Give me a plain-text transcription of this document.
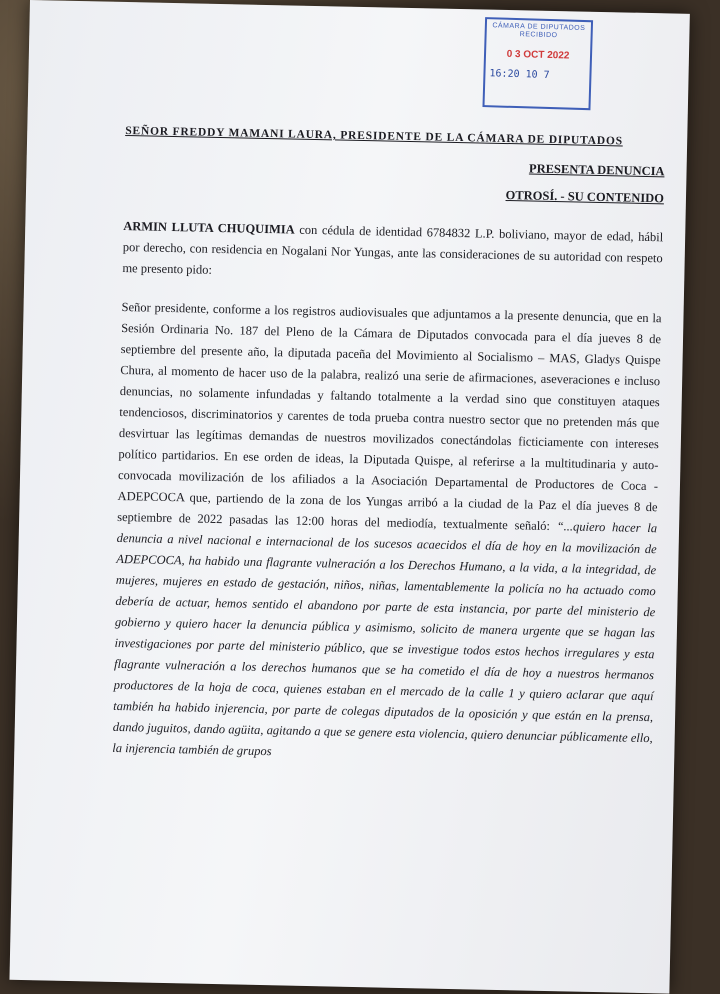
CÁMARA DE DIPUTADOS
RECIBIDO
0 3 OCT 2022
16:20 10 7
SEÑOR FREDDY MAMANI LAURA, PRESIDENTE DE LA CÁMARA DE DIPUTADOS
PRESENTA DENUNCIA
OTROSÍ. - SU CONTENIDO
ARMIN LLUTA CHUQUIMIA con cédula de identidad 6784832 L.P. boliviano, mayor de edad, hábil por derecho, con residencia en Nogalani Nor Yungas, ante las consideraciones de su autoridad con respeto me presento pido:
Señor presidente, conforme a los registros audiovisuales que adjuntamos a la presente denuncia, que en la Sesión Ordinaria No. 187 del Pleno de la Cámara de Diputados convocada para el día jueves 8 de septiembre del presente año, la diputada paceña del Movimiento al Socialismo – MAS, Gladys Quispe Chura, al momento de hacer uso de la palabra, realizó una serie de afirmaciones, aseveraciones e incluso denuncias, no solamente infundadas y faltando totalmente a la verdad sino que constituyen ataques tendenciosos, discriminatorios y carentes de toda prueba contra nuestro sector que no pretenden más que desvirtuar las legítimas demandas de nuestros movilizados conectándolas ficticiamente con intereses político partidarios. En ese orden de ideas, la Diputada Quispe, al referirse a la multitudinaria y auto-convocada movilización de los afiliados a la Asociación Departamental de Productores de Coca - ADEPCOCA que, partiendo de la zona de los Yungas arribó a la ciudad de la Paz el día jueves 8 de septiembre de 2022 pasadas las 12:00 horas del mediodía, textualmente señaló: “...quiero hacer la denuncia a nivel nacional e internacional de los sucesos acaecidos el día de hoy en la movilización de ADEPCOCA, ha habido una flagrante vulneración a los Derechos Humano, a la vida, a la integridad, de mujeres, mujeres en estado de gestación, niños, niñas, lamentablemente la policía no ha actuado como debería de actuar, hemos sentido el abandono por parte de esta instancia, por parte del ministerio de gobierno y quiero hacer la denuncia pública y asimismo, solicito de manera urgente que se hagan las investigaciones por parte del ministerio público, que se investigue todos estos hechos irregulares y esta flagrante vulneración a los derechos humanos que se ha cometido el día de hoy a nuestros hermanos productores de la hoja de coca, quienes estaban en el mercado de la calle 1 y quiero aclarar que aquí también ha habido injerencia, por parte de colegas diputados de la oposición y que están en la prensa, dando juguitos, dando agüita, agitando a que se genere esta violencia, quiero denunciar públicamente ello, la injerencia también de grupos
